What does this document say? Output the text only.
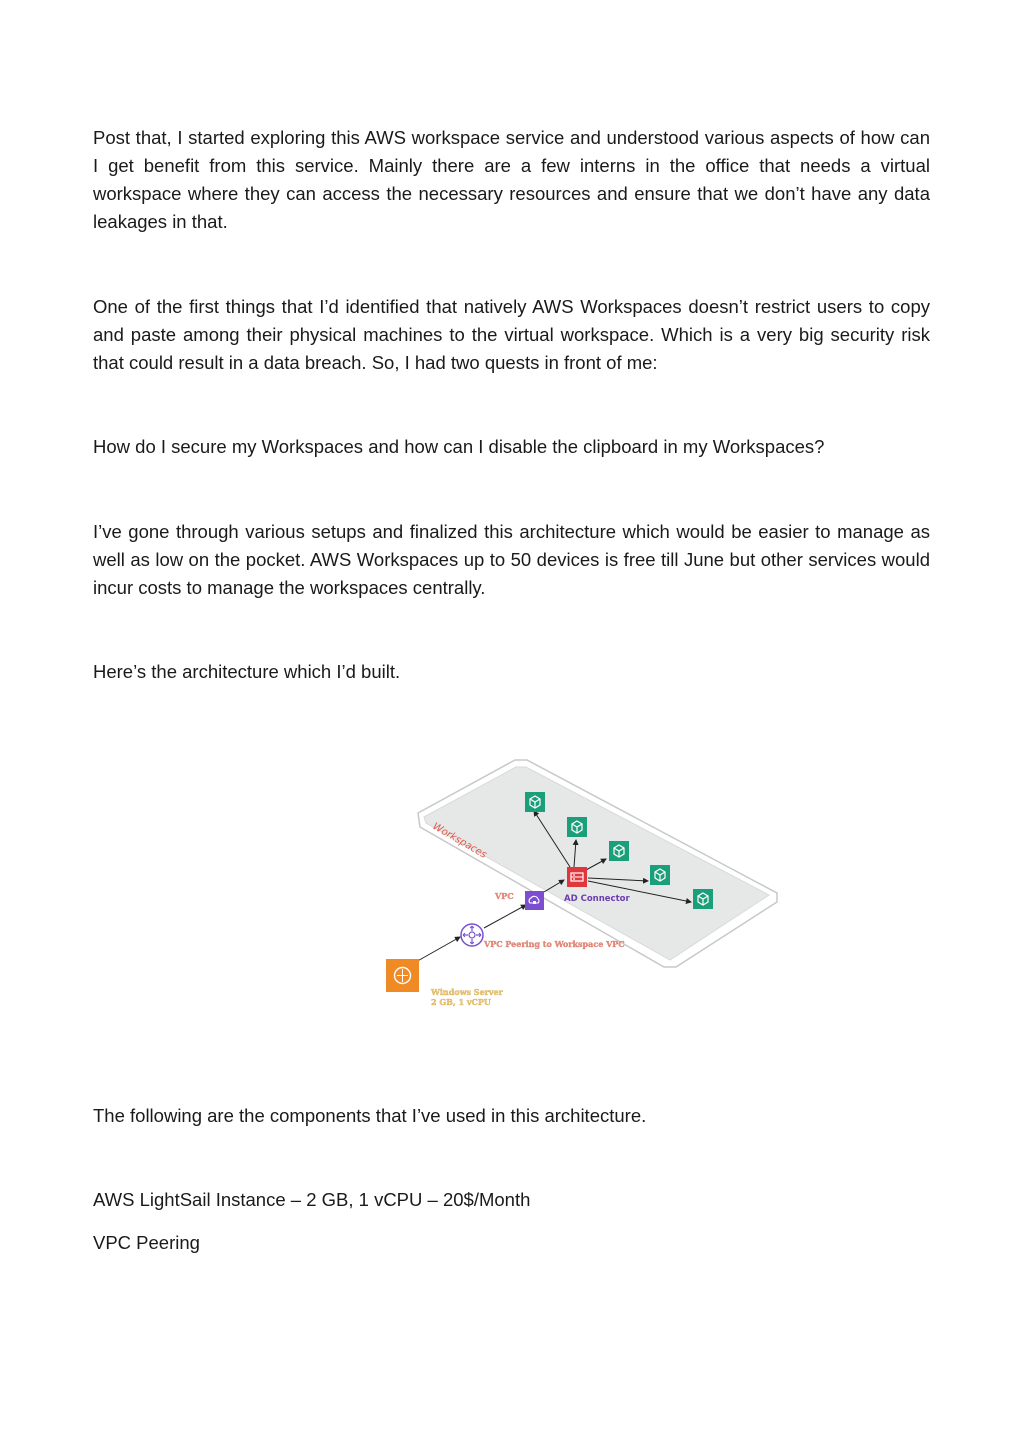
Post that, I started exploring this AWS workspace service and understood various aspects of how can I get benefit from this service. Mainly there are a few interns in the office that needs a virtual workspace where they can access the necessary resources and ensure that we don’t have any data leakages in that.

One of the first things that I’d identified that natively AWS Workspaces doesn’t restrict users to copy and paste among their physical machines to the virtual workspace. Which is a very big security risk that could result in a data breach. So, I had two quests in front of me:

How do I secure my Workspaces and how can I disable the clipboard in my Workspaces?

I’ve gone through various setups and finalized this architecture which would be easier to manage as well as low on the pocket. AWS Workspaces up to 50 devices is free till June but other services would incur costs to manage the workspaces centrally.

Here’s the architecture which I’d built.

Workspaces
AD Connector
VPC
VPC Peering to Workspace VPC
Windows Server
2 GB, 1 vCPU

The following are the components that I’ve used in this architecture.

AWS LightSail Instance – 2 GB, 1 vCPU – 20$/Month

VPC Peering
